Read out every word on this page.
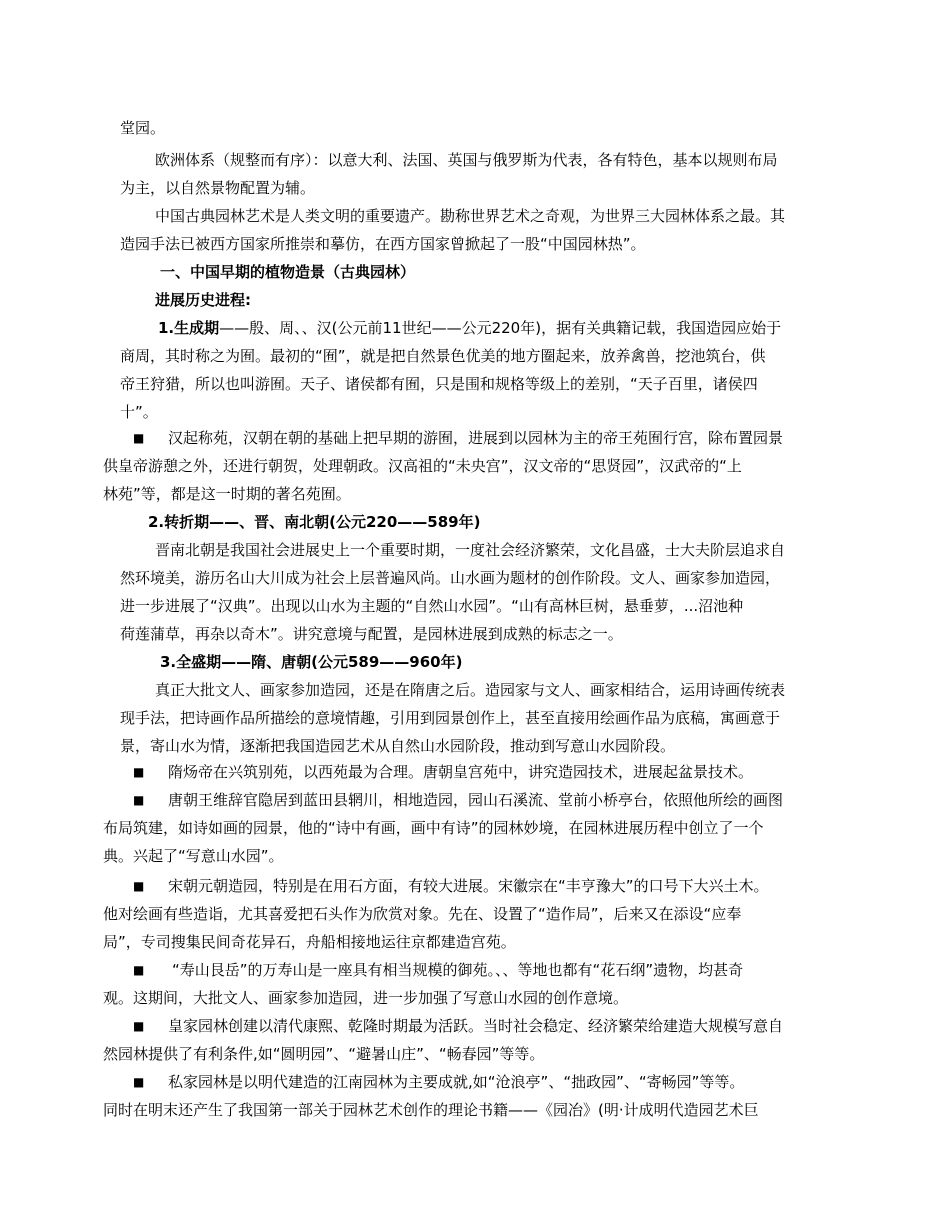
堂园。
欧洲体系（规整而有序）：以意大利、法国、英国与俄罗斯为代表，各有特色，基本以规则布局
为主，以自然景物配置为辅。
中国古典园林艺术是人类文明的重要遗产。勘称世界艺术之奇观，为世界三大园林体系之最。其
造园手法已被西方国家所推崇和摹仿，在西方国家曾掀起了一股“中国园林热”。
一、中国早期的植物造景（古典园林）
进展历史进程:
1.生成期——殷、周、、汉(公元前11世纪——公元220年)，据有关典籍记载，我国造园应始于
商周，其时称之为囿。最初的“囿”，就是把自然景色优美的地方圈起来，放养禽兽，挖池筑台，供
帝王狩猎，所以也叫游囿。天子、诸侯都有囿，只是围和规格等级上的差别，“天子百里，诸侯四
十”。
■ 汉起称苑，汉朝在朝的基础上把早期的游囿，进展到以园林为主的帝王苑囿行宫，除布置园景
供皇帝游憩之外，还进行朝贺，处理朝政。汉高祖的“未央宫”，汉文帝的“思贤园”，汉武帝的“上
林苑”等，都是这一时期的著名苑囿。
2.转折期——、晋、南北朝(公元220——589年)
晋南北朝是我国社会进展史上一个重要时期，一度社会经济繁荣，文化昌盛，士大夫阶层追求自
然环境美，游历名山大川成为社会上层普遍风尚。山水画为题材的创作阶段。文人、画家参加造园，
进一步进展了“汉典”。出现以山水为主题的“自然山水园”。“山有高林巨树，悬垂萝，...沼池种
荷莲蒲草，再杂以奇木”。讲究意境与配置，是园林进展到成熟的标志之一。
3.全盛期——隋、唐朝(公元589——960年)
真正大批文人、画家参加造园，还是在隋唐之后。造园家与文人、画家相结合，运用诗画传统表
现手法，把诗画作品所描绘的意境情趣，引用到园景创作上，甚至直接用绘画作品为底稿，寓画意于
景，寄山水为情，逐渐把我国造园艺术从自然山水园阶段，推动到写意山水园阶段。
■ 隋炀帝在兴筑别苑，以西苑最为合理。唐朝皇宫苑中，讲究造园技术，进展起盆景技术。
■ 唐朝王维辞官隐居到蓝田县辋川，相地造园，园山石溪流、堂前小桥亭台，依照他所绘的画图
布局筑建，如诗如画的园景，他的“诗中有画，画中有诗”的园林妙境，在园林进展历程中创立了一个
典。兴起了“写意山水园”。
■ 宋朝元朝造园，特别是在用石方面，有较大进展。宋徽宗在“丰亨豫大”的口号下大兴土木。
他对绘画有些造诣，尤其喜爱把石头作为欣赏对象。先在、设置了“造作局”，后来又在添设“应奉
局”，专司搜集民间奇花异石，舟船相接地运往京都建造宫苑。
■ “寿山艮岳”的万寿山是一座具有相当规模的御苑。、、等地也都有“花石纲”遗物，均甚奇
观。这期间，大批文人、画家参加造园，进一步加强了写意山水园的创作意境。
■ 皇家园林创建以清代康熙、乾隆时期最为活跃。当时社会稳定、经济繁荣给建造大规模写意自
然园林提供了有利条件,如“圆明园”、“避暑山庄”、“畅春园”等等。
■ 私家园林是以明代建造的江南园林为主要成就,如“沧浪亭”、“拙政园”、“寄畅园”等等。
同时在明末还产生了我国第一部关于园林艺术创作的理论书籍——《园冶》(明·计成明代造园艺术巨
